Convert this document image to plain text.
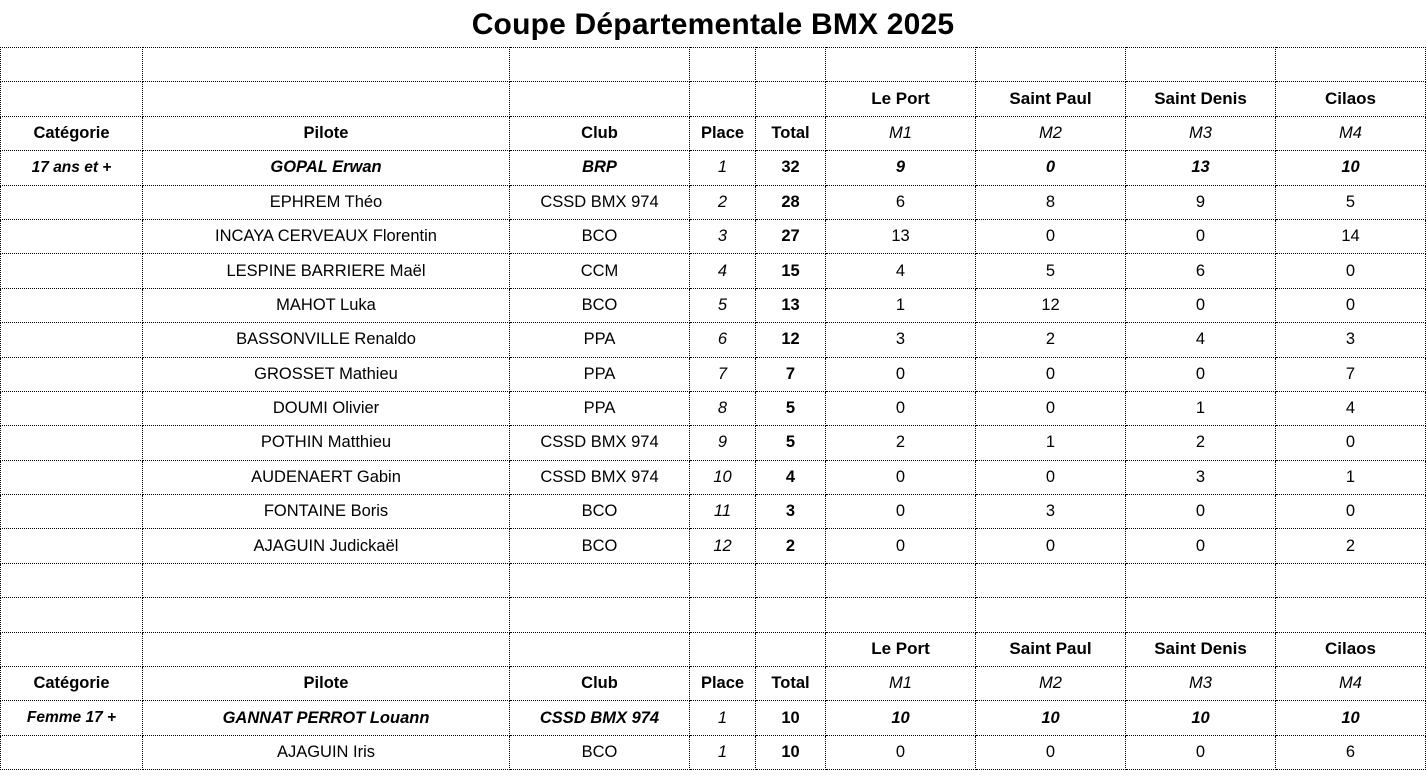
Coupe Départementale BMX 2025

					Le Port	Saint Paul	Saint Denis	Cilaos
Catégorie	Pilote	Club	Place	Total	M1	M2	M3	M4
17 ans et +	GOPAL Erwan	BRP	1	32	9	0	13	10
	EPHREM Théo	CSSD BMX 974	2	28	6	8	9	5
	INCAYA CERVEAUX Florentin	BCO	3	27	13	0	0	14
	LESPINE BARRIERE Maël	CCM	4	15	4	5	6	0
	MAHOT Luka	BCO	5	13	1	12	0	0
	BASSONVILLE Renaldo	PPA	6	12	3	2	4	3
	GROSSET Mathieu	PPA	7	7	0	0	0	7
	DOUMI Olivier	PPA	8	5	0	0	1	4
	POTHIN Matthieu	CSSD BMX 974	9	5	2	1	2	0
	AUDENAERT Gabin	CSSD BMX 974	10	4	0	0	3	1
	FONTAINE Boris	BCO	11	3	0	3	0	0
	AJAGUIN Judickaël	BCO	12	2	0	0	0	2

					Le Port	Saint Paul	Saint Denis	Cilaos
Catégorie	Pilote	Club	Place	Total	M1	M2	M3	M4
Femme 17 +	GANNAT PERROT Louann	CSSD BMX 974	1	10	10	10	10	10
	AJAGUIN Iris	BCO	1	10	0	0	0	6
